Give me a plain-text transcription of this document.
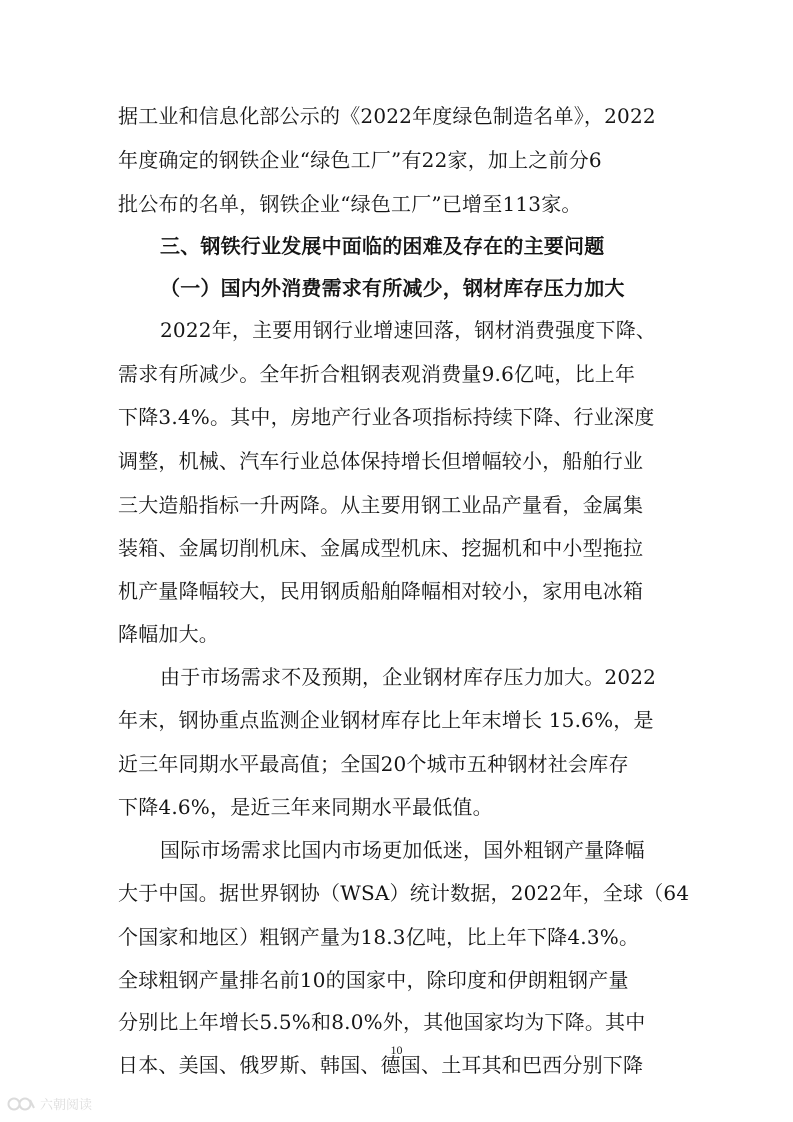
据工业和信息化部公示的《2022年度绿色制造名单》，2022
年度确定的钢铁企业“绿色工厂”有22家，加上之前分6
批公布的名单，钢铁企业“绿色工厂”已增至113家。
三、钢铁行业发展中面临的困难及存在的主要问题
（一）国内外消费需求有所减少，钢材库存压力加大
2022年，主要用钢行业增速回落，钢材消费强度下降、
需求有所减少。全年折合粗钢表观消费量9.6亿吨，比上年
下降3.4%。其中，房地产行业各项指标持续下降、行业深度
调整，机械、汽车行业总体保持增长但增幅较小，船舶行业
三大造船指标一升两降。从主要用钢工业品产量看，金属集
装箱、金属切削机床、金属成型机床、挖掘机和中小型拖拉
机产量降幅较大，民用钢质船舶降幅相对较小，家用电冰箱
降幅加大。
由于市场需求不及预期，企业钢材库存压力加大。2022
年末，钢协重点监测企业钢材库存比上年末增长 15.6%，是
近三年同期水平最高值；全国20个城市五种钢材社会库存
下降4.6%，是近三年来同期水平最低值。
国际市场需求比国内市场更加低迷，国外粗钢产量降幅
大于中国。据世界钢协（WSA）统计数据，2022年，全球（64
个国家和地区）粗钢产量为18.3亿吨，比上年下降4.3%。
全球粗钢产量排名前10的国家中，除印度和伊朗粗钢产量
分别比上年增长5.5%和8.0%外，其他国家均为下降。其中
日本、美国、俄罗斯、韩国、德国、土耳其和巴西分别下降
10
六朝阅读
